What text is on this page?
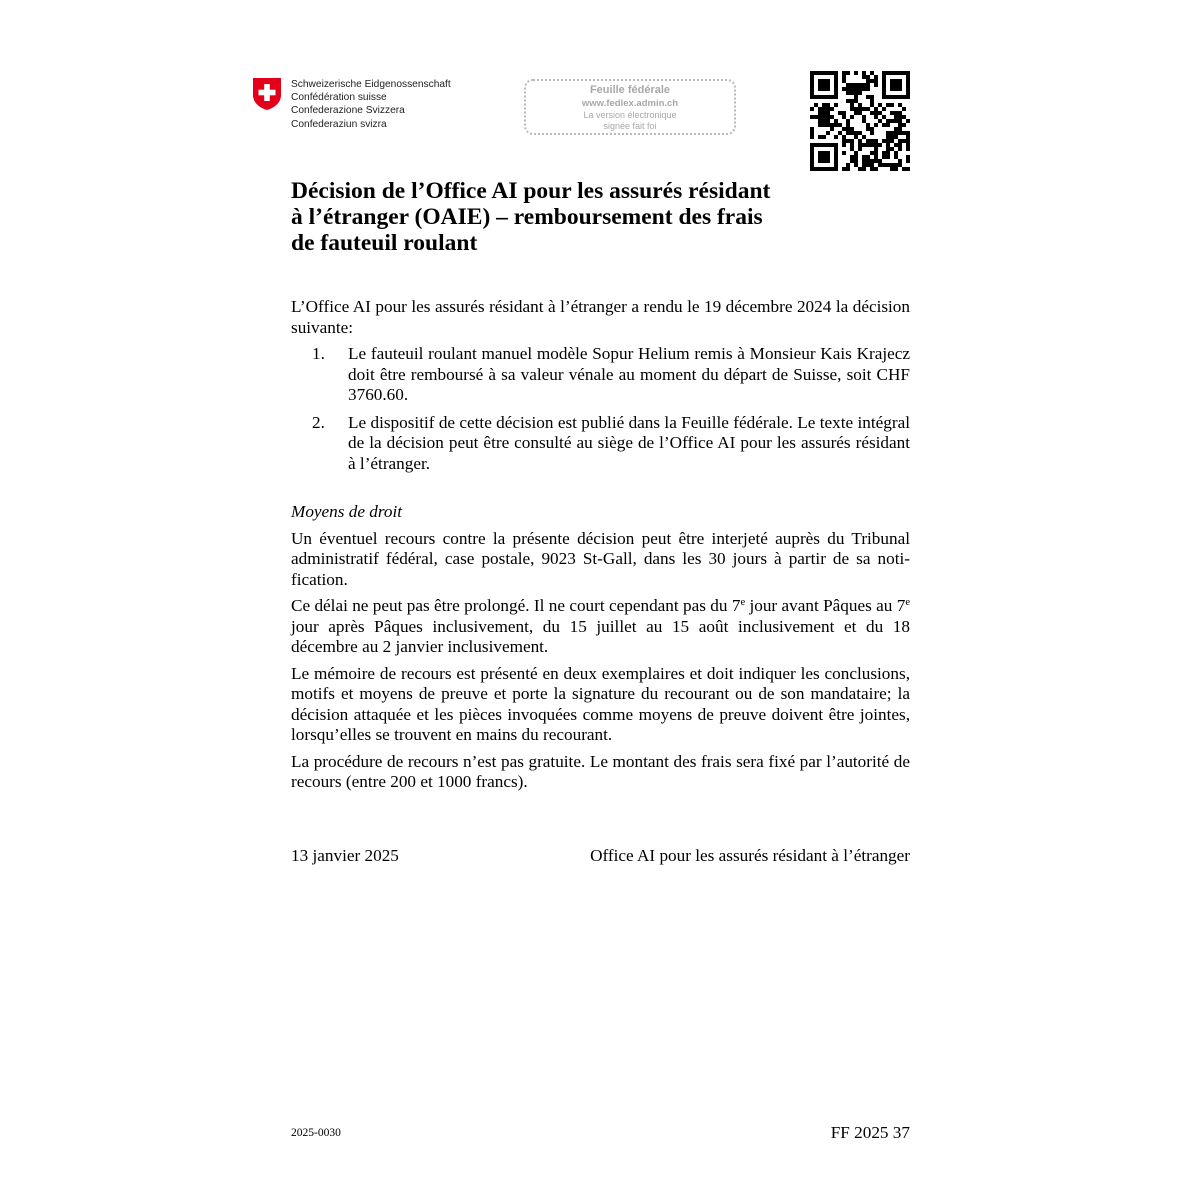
Schweizerische Eidgenossenschaft
Confédération suisse
Confederazione Svizzera
Confederaziun svizra
Feuille fédérale
www.fedlex.admin.ch
La version électronique
signée fait foi
Décision de l’Office AI pour les assurés résidant
à l’étranger (OAIE) – remboursement des frais
de fauteuil roulant

L’Office AI pour les assurés résidant à l’étranger a rendu le 19 décembre 2024 la décision suivante:

1. Le fauteuil roulant manuel modèle Sopur Helium remis à Monsieur Kais Krajecz doit être remboursé à sa valeur vénale au moment du départ de Suisse, soit CHF 3760.60.
2. Le dispositif de cette décision est publié dans la Feuille fédérale. Le texte intégral de la décision peut être consulté au siège de l’Office AI pour les assurés résidant à l’étranger.

Moyens de droit

Un éventuel recours contre la présente décision peut être interjeté auprès du Tribunal administratif fédéral, case postale, 9023 St-Gall, dans les 30 jours à partir de sa notification.

Ce délai ne peut pas être prolongé. Il ne court cependant pas du 7e jour avant Pâques au 7e jour après Pâques inclusivement, du 15 juillet au 15 août inclusivement et du 18 décembre au 2 janvier inclusivement.

Le mémoire de recours est présenté en deux exemplaires et doit indiquer les conclusions, motifs et moyens de preuve et porte la signature du recourant ou de son mandataire; la décision attaquée et les pièces invoquées comme moyens de preuve doivent être jointes, lorsqu’elles se trouvent en mains du recourant.

La procédure de recours n’est pas gratuite. Le montant des frais sera fixé par l’autorité de recours (entre 200 et 1000 francs).

13 janvier 2025	Office AI pour les assurés résidant à l’étranger
2025-0030	FF 2025 37
